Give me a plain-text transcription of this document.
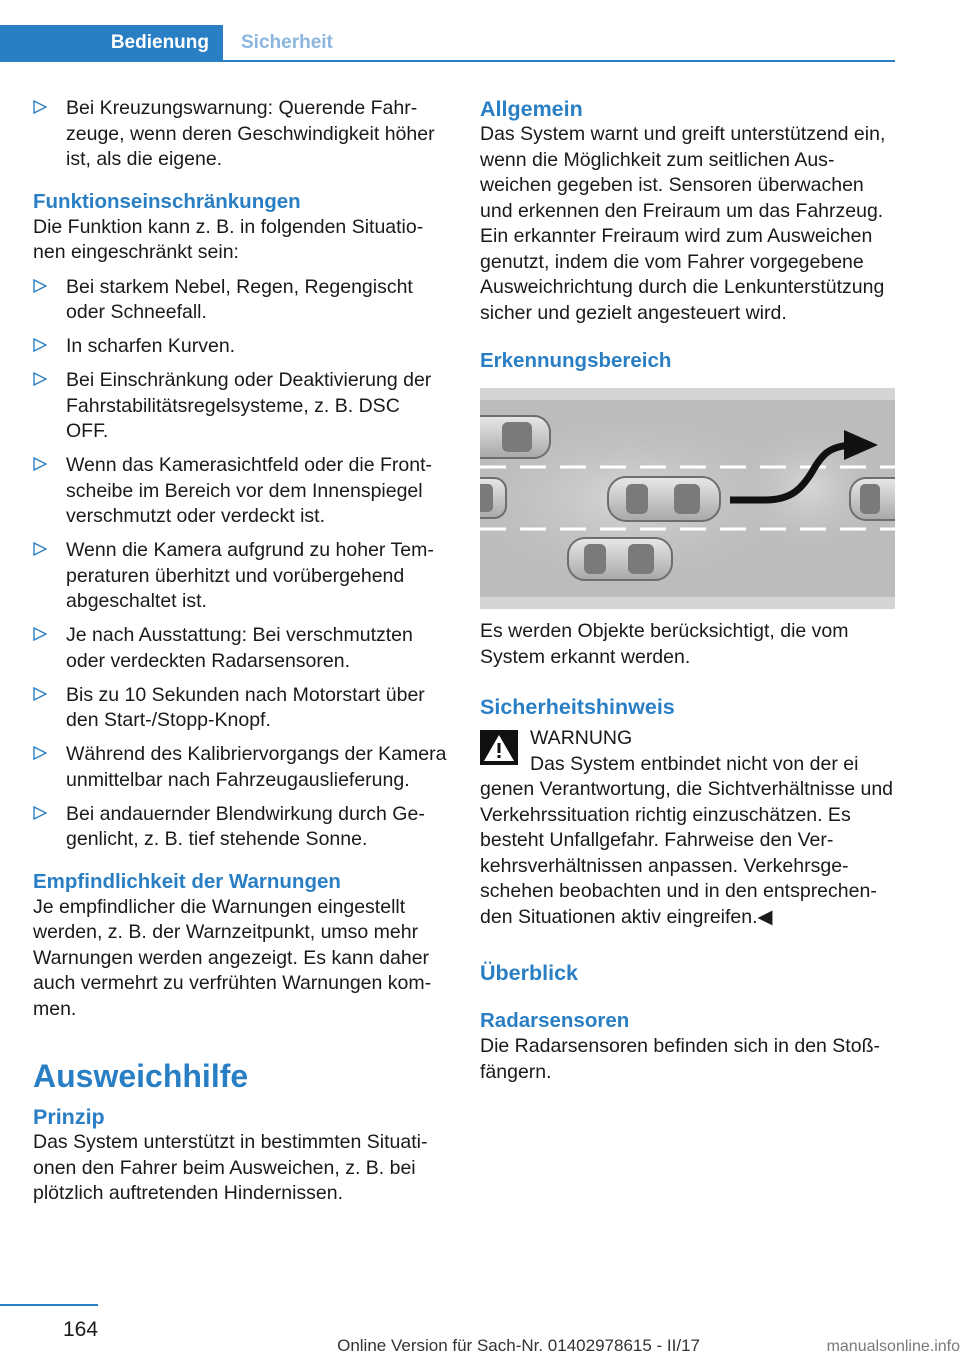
Bedienung	Sicherheit
Bei Kreuzungswarnung: Querende Fahrzeuge, wenn deren Geschwindigkeit höher ist, als die eigene.
Funktionseinschränkungen

Die Funktion kann z. B. in folgenden Situationen eingeschränkt sein:

Bei starkem Nebel, Regen, Regengischt oder Schneefall.
In scharfen Kurven.
Bei Einschränkung oder Deaktivierung der Fahrstabilitätsregelsysteme, z. B. DSC OFF.
Wenn das Kamerasichtfeld oder die Frontscheibe im Bereich vor dem Innenspiegel verschmutzt oder verdeckt ist.
Wenn die Kamera aufgrund zu hoher Temperaturen überhitzt und vorübergehend abgeschaltet ist.
Je nach Ausstattung: Bei verschmutzten oder verdeckten Radarsensoren.
Bis zu 10 Sekunden nach Motorstart über den Start-/Stopp-Knopf.
Während des Kalibriervorgangs der Kamera unmittelbar nach Fahrzeugauslieferung.
Bei andauernder Blendwirkung durch Gegenlicht, z. B. tief stehende Sonne.
Empfindlichkeit der Warnungen

Je empfindlicher die Warnungen eingestellt werden, z. B. der Warnzeitpunkt, umso mehr Warnungen werden angezeigt. Es kann daher auch vermehrt zu verfrühten Warnungen kommen.

Ausweichhilfe
Prinzip

Das System unterstützt in bestimmten Situationen den Fahrer beim Ausweichen, z. B. bei plötzlich auftretenden Hindernissen.

Allgemein

Das System warnt und greift unterstützend ein, wenn die Möglichkeit zum seitlichen Ausweichen gegeben ist. Sensoren überwachen und erkennen den Freiraum um das Fahrzeug. Ein erkannter Freiraum wird zum Ausweichen genutzt, indem die vom Fahrer vorgegebene Ausweichrichtung durch die Lenkunterstützung sicher und gezielt angesteuert wird.

Erkennungsbereich

Es werden Objekte berücksichtigt, die vom System erkannt werden.

Sicherheitshinweis

WARNUNG

Das System entbindet nicht von der ei

genen Verantwortung, die Sichtverhältnisse und Verkehrssituation richtig einzuschätzen. Es besteht Unfallgefahr. Fahrweise den Verkehrsverhältnissen anpassen. Verkehrsgeschehen beobachten und in den entsprechenden Situationen aktiv eingreifen.◀

Überblick
Radarsensoren

Die Radarsensoren befinden sich in den Stoßfängern.

164
Online Version für Sach-Nr. 01402978615 - II/17	manualsonline.info
